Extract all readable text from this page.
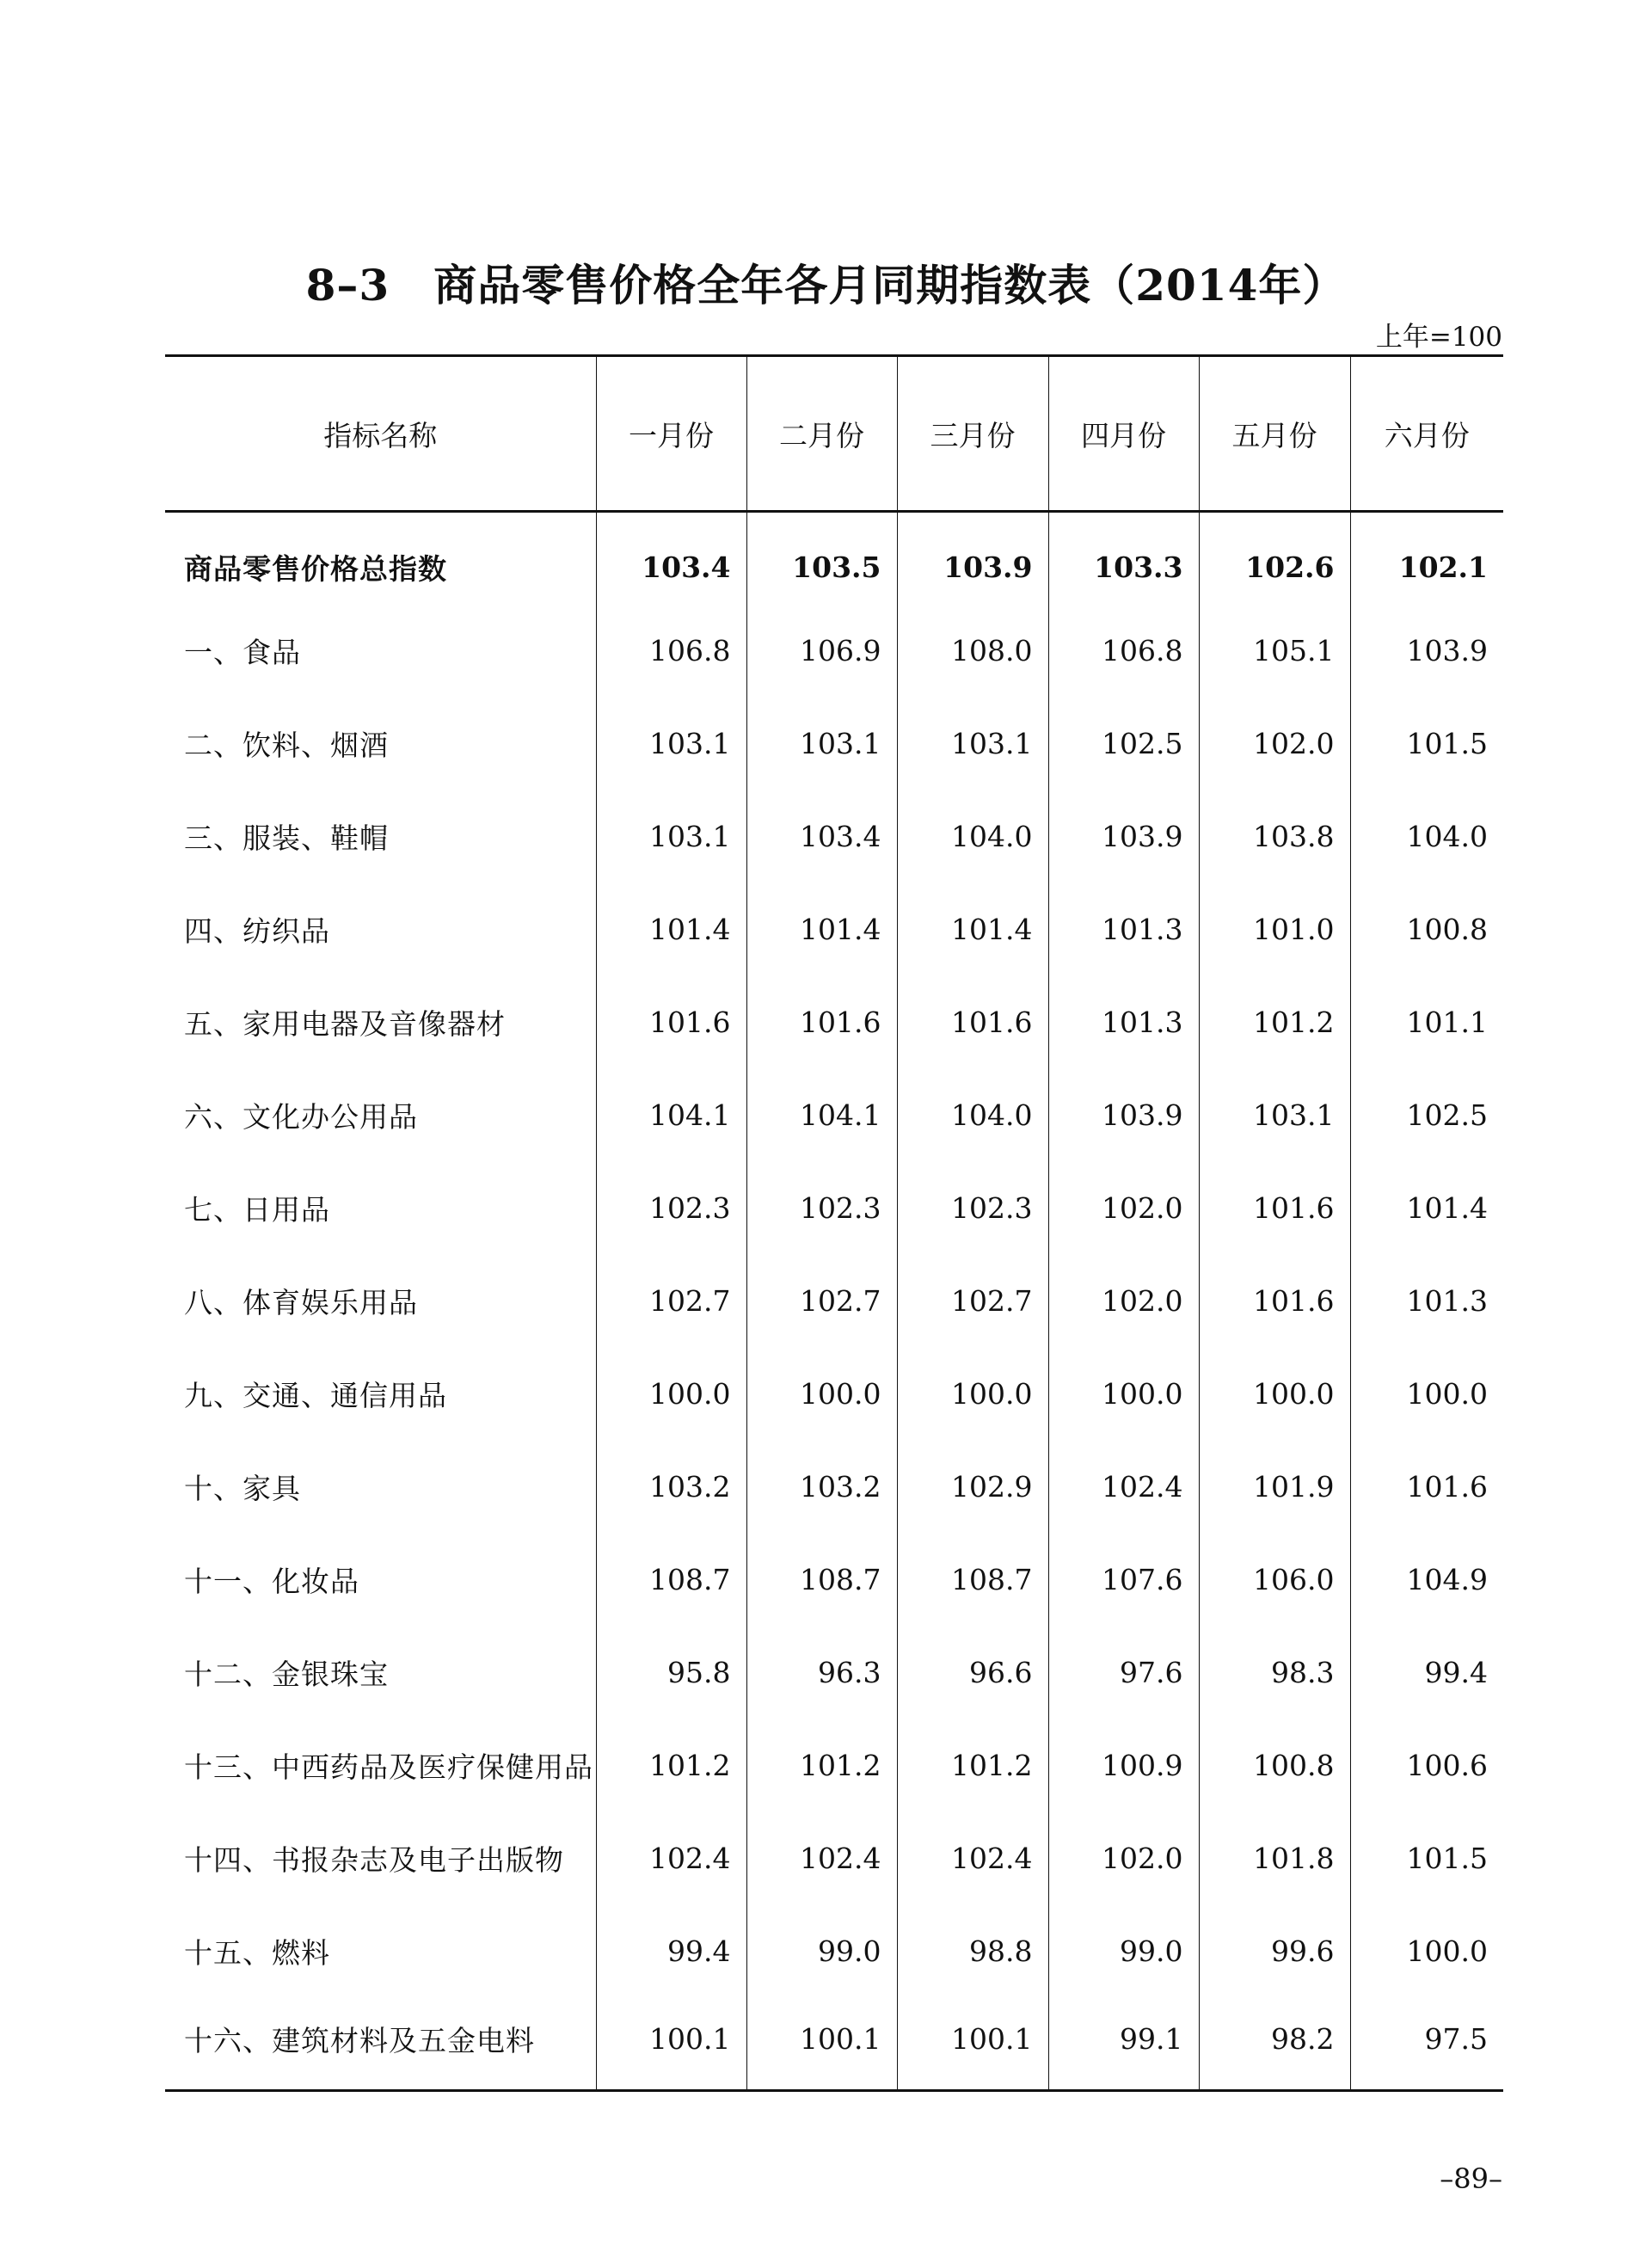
8–3　商品零售价格全年各月同期指数表（2014年）
上年=100
指标名称	一月份	二月份	三月份	四月份	五月份	六月份
商品零售价格总指数	103.4	103.5	103.9	103.3	102.6	102.1
一、食品	106.8	106.9	108.0	106.8	105.1	103.9
二、饮料、烟酒	103.1	103.1	103.1	102.5	102.0	101.5
三、服装、鞋帽	103.1	103.4	104.0	103.9	103.8	104.0
四、纺织品	101.4	101.4	101.4	101.3	101.0	100.8
五、家用电器及音像器材	101.6	101.6	101.6	101.3	101.2	101.1
六、文化办公用品	104.1	104.1	104.0	103.9	103.1	102.5
七、日用品	102.3	102.3	102.3	102.0	101.6	101.4
八、体育娱乐用品	102.7	102.7	102.7	102.0	101.6	101.3
九、交通、通信用品	100.0	100.0	100.0	100.0	100.0	100.0
十、家具	103.2	103.2	102.9	102.4	101.9	101.6
十一、化妆品	108.7	108.7	108.7	107.6	106.0	104.9
十二、金银珠宝	95.8	96.3	96.6	97.6	98.3	99.4
十三、中西药品及医疗保健用品	101.2	101.2	101.2	100.9	100.8	100.6
十四、书报杂志及电子出版物	102.4	102.4	102.4	102.0	101.8	101.5
十五、燃料	99.4	99.0	98.8	99.0	99.6	100.0
十六、建筑材料及五金电料	100.1	100.1	100.1	99.1	98.2	97.5
–89–
